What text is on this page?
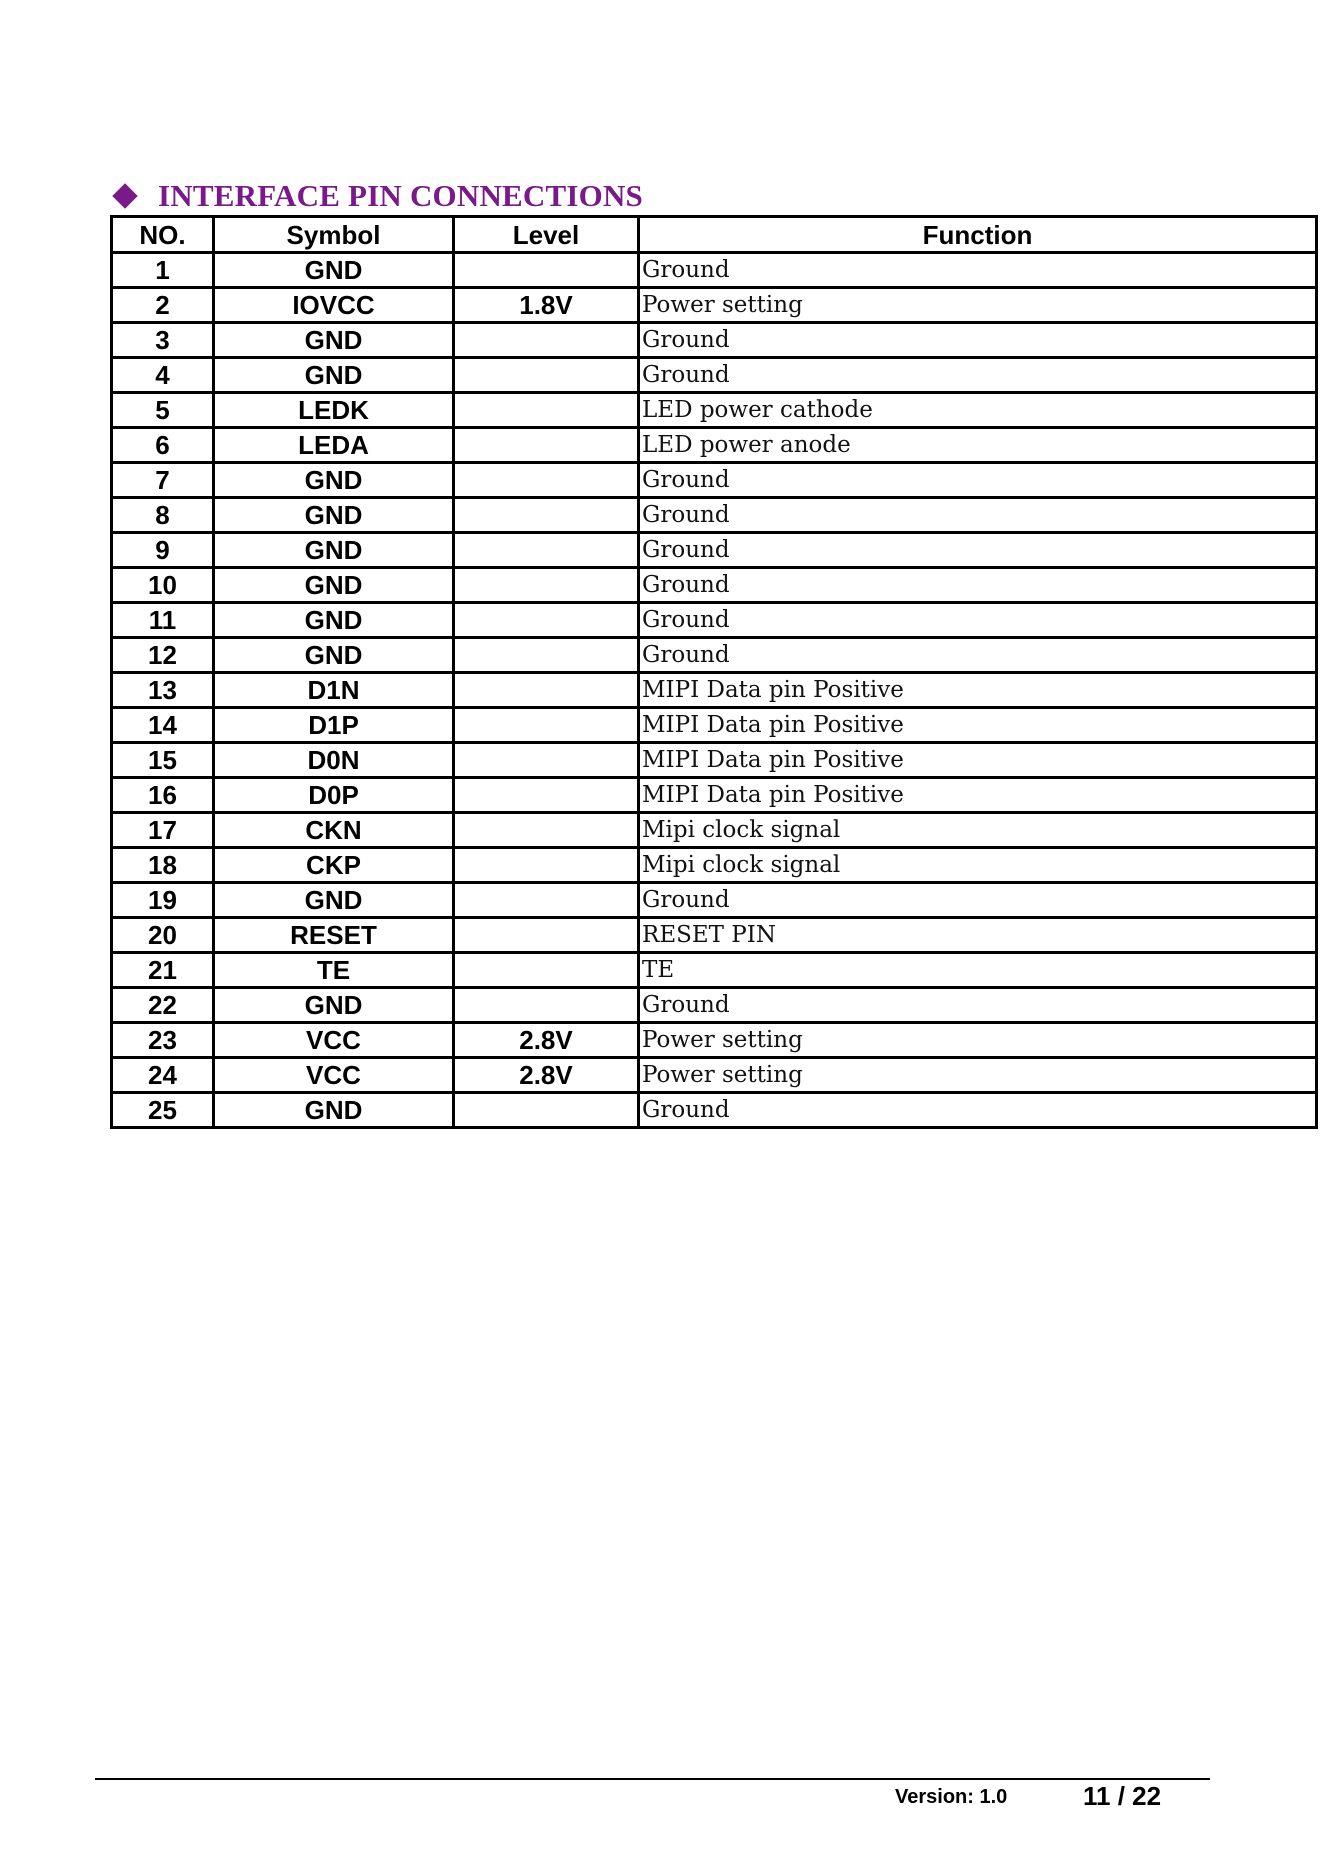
INTERFACE PIN CONNECTIONS
NO.	Symbol	Level	Function
1	GND		Ground
2	IOVCC	1.8V	Power setting
3	GND		Ground
4	GND		Ground
5	LEDK		LED power cathode
6	LEDA		LED power anode
7	GND		Ground
8	GND		Ground
9	GND		Ground
10	GND		Ground
11	GND		Ground
12	GND		Ground
13	D1N		MIPI Data pin Positive
14	D1P		MIPI Data pin Positive
15	D0N		MIPI Data pin Positive
16	D0P		MIPI Data pin Positive
17	CKN		Mipi clock signal
18	CKP		Mipi clock signal
19	GND		Ground
20	RESET		RESET PIN
21	TE		TE
22	GND		Ground
23	VCC	2.8V	Power setting
24	VCC	2.8V	Power setting
25	GND		Ground
Version: 1.0	11 / 22
